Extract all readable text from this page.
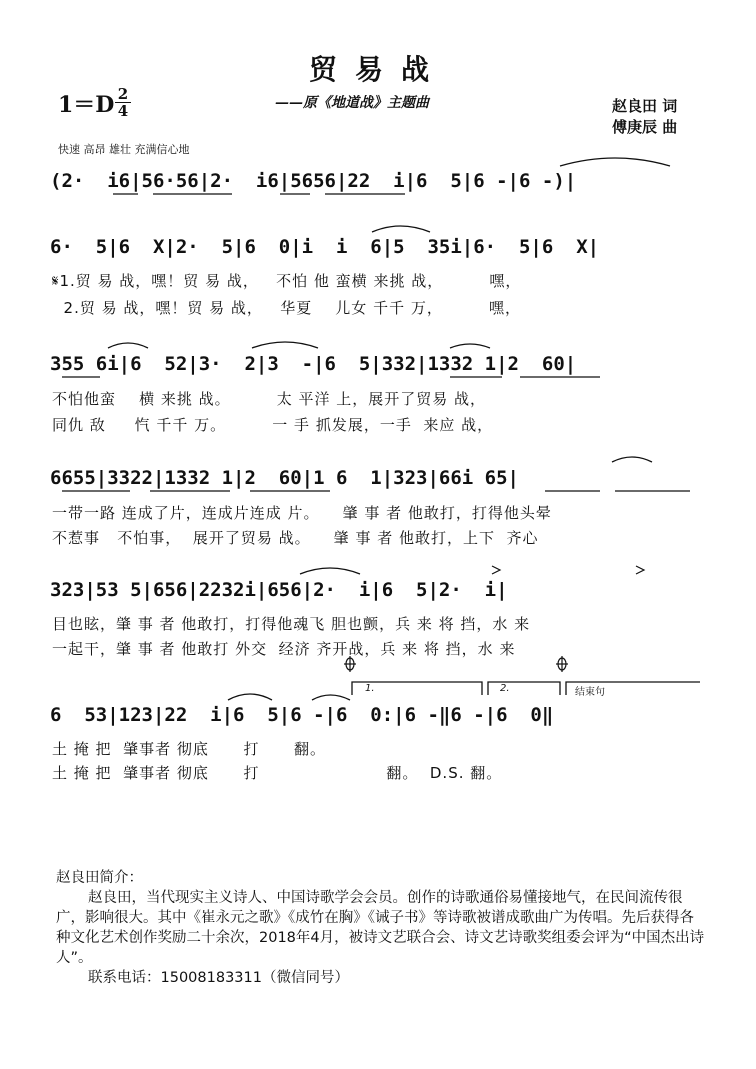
贸易战
——原《地道战》主题曲
1＝D 2
4	赵良田 词
傅庚辰 曲
快速 高昂 雄壮 充满信心地
(2·  i6|56·56|2·  i6|5656|22  i|6  5|6 -|6 -)|
6·  5|6  X|2·  5|6  0|i  i  6|5  35i|6·  5|6  X|
𝄋1.贸 易 战，嘿！贸 易 战，   不怕 他 蛮横 来挑 战，        嘿，
2.贸 易 战，嘿！贸 易 战，   华夏    儿女 千千 万，        嘿，
355 6i|6  52|3·  2|3  -|6  5|332|1332 1|2  60|
不怕他蛮    横 来挑 战。        太 平洋 上，展开了贸易 战，
同仇 敌     忾 千千 万。        一 手 抓发展，一手  来应 战，
6655|3322|1332 1|2  60|1 6  1|323|66i 65|
一带一路 连成了片，连成片连成 片。    肇 事 者 他敢打，打得他头晕
不惹事   不怕事，  展开了贸易 战。    肇 事 者 他敢打，上下  齐心
323|53 5|656|2232i|656|2·  i|6  5|2·  i|
目也眩，肇 事 者 他敢打，打得他魂飞 胆也颤，兵 来 将 挡，水 来
一起干，肇 事 者 他敢打 外交  经济 齐开战，兵 来 将 挡，水 来
1.	2.	结束句
6  53|123|22  i|6  5|6 -|6  0:|6 -‖6 -|6  0‖
土 掩 把  肇事者 彻底      打      翻。
土 掩 把  肇事者 彻底      打                      翻。  D.S. 翻。

赵良田简介：

赵良田，当代现实主义诗人、中国诗歌学会会员。创作的诗歌通俗易懂接地气，在民间流传很广，影响很大。其中《崔永元之歌》《成竹在胸》《诫子书》等诗歌被谱成歌曲广为传唱。先后获得各种文化艺术创作奖励二十余次，2018年4月，被诗文艺联合会、诗文艺诗歌奖组委会评为“中国杰出诗人”。

联系电话：15008183311（微信同号）
